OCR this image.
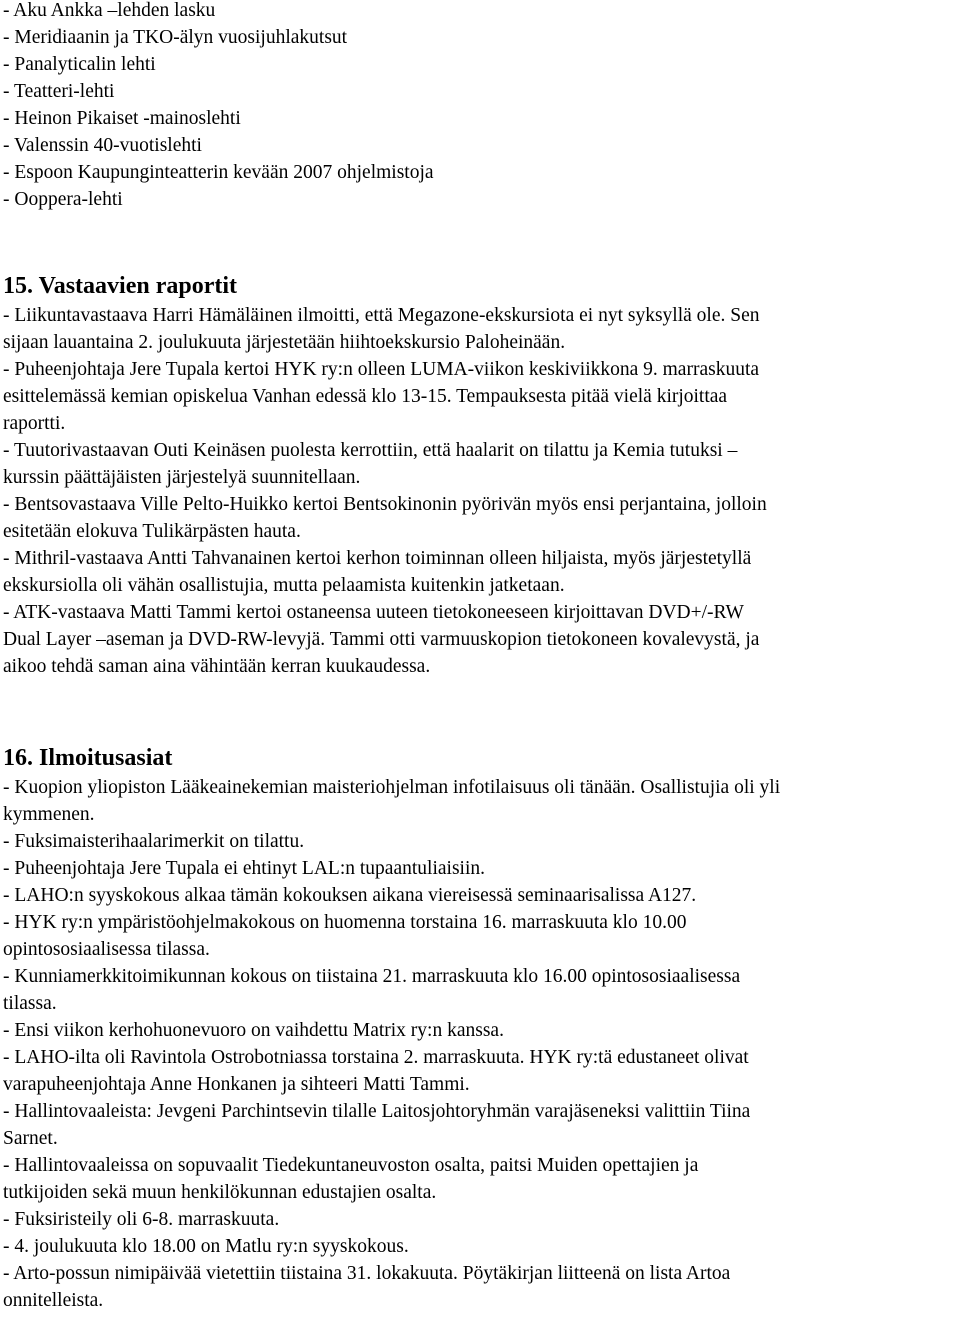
- Aku Ankka –lehden lasku
- Meridiaanin ja TKO-älyn vuosijuhlakutsut
- Panalyticalin lehti
- Teatteri-lehti
- Heinon Pikaiset -mainoslehti
- Valenssin 40-vuotislehti
- Espoon Kaupunginteatterin kevään 2007 ohjelmistoja
- Ooppera-lehti
15. Vastaavien raportit
- Liikuntavastaava Harri Hämäläinen ilmoitti, että Megazone-ekskursiota ei nyt syksyllä ole. Sen
sijaan lauantaina 2. joulukuuta järjestetään hiihtoekskursio Paloheinään.
- Puheenjohtaja Jere Tupala kertoi HYK ry:n olleen LUMA-viikon keskiviikkona 9. marraskuuta
esittelemässä kemian opiskelua Vanhan edessä klo 13-15. Tempauksesta pitää vielä kirjoittaa
raportti.
- Tuutorivastaavan Outi Keinäsen puolesta kerrottiin, että haalarit on tilattu ja Kemia tutuksi –
kurssin päättäjäisten järjestelyä suunnitellaan.
- Bentsovastaava Ville Pelto-Huikko kertoi Bentsokinonin pyörivän myös ensi perjantaina, jolloin
esitetään elokuva Tulikärpästen hauta.
- Mithril-vastaava Antti Tahvanainen kertoi kerhon toiminnan olleen hiljaista, myös järjestetyllä
ekskursiolla oli vähän osallistujia, mutta pelaamista kuitenkin jatketaan.
- ATK-vastaava Matti Tammi kertoi ostaneensa uuteen tietokoneeseen kirjoittavan DVD+/-RW
Dual Layer –aseman ja DVD-RW-levyjä. Tammi otti varmuuskopion tietokoneen kovalevystä, ja
aikoo tehdä saman aina vähintään kerran kuukaudessa.
16. Ilmoitusasiat
- Kuopion yliopiston Lääkeainekemian maisteriohjelman infotilaisuus oli tänään. Osallistujia oli yli
kymmenen.
- Fuksimaisterihaalarimerkit on tilattu.
- Puheenjohtaja Jere Tupala ei ehtinyt LAL:n tupaantuliaisiin.
- LAHO:n syyskokous alkaa tämän kokouksen aikana viereisessä seminaarisalissa A127.
- HYK ry:n ympäristöohjelmakokous on huomenna torstaina 16. marraskuuta klo 10.00
opintososiaalisessa tilassa.
- Kunniamerkkitoimikunnan kokous on tiistaina 21. marraskuuta klo 16.00 opintososiaalisessa
tilassa.
- Ensi viikon kerhohuonevuoro on vaihdettu Matrix ry:n kanssa.
- LAHO-ilta oli Ravintola Ostrobotniassa torstaina 2. marraskuuta. HYK ry:tä edustaneet olivat
varapuheenjohtaja Anne Honkanen ja sihteeri Matti Tammi.
- Hallintovaaleista: Jevgeni Parchintsevin tilalle Laitosjohtoryhmän varajäseneksi valittiin Tiina
Sarnet.
- Hallintovaaleissa on sopuvaalit Tiedekuntaneuvoston osalta, paitsi Muiden opettajien ja
tutkijoiden sekä muun henkilökunnan edustajien osalta.
- Fuksiristeily oli 6-8. marraskuuta.
- 4. joulukuuta klo 18.00 on Matlu ry:n syyskokous.
- Arto-possun nimipäivää vietettiin tiistaina 31. lokakuuta. Pöytäkirjan liitteenä on lista Artoa
onnitelleista.
